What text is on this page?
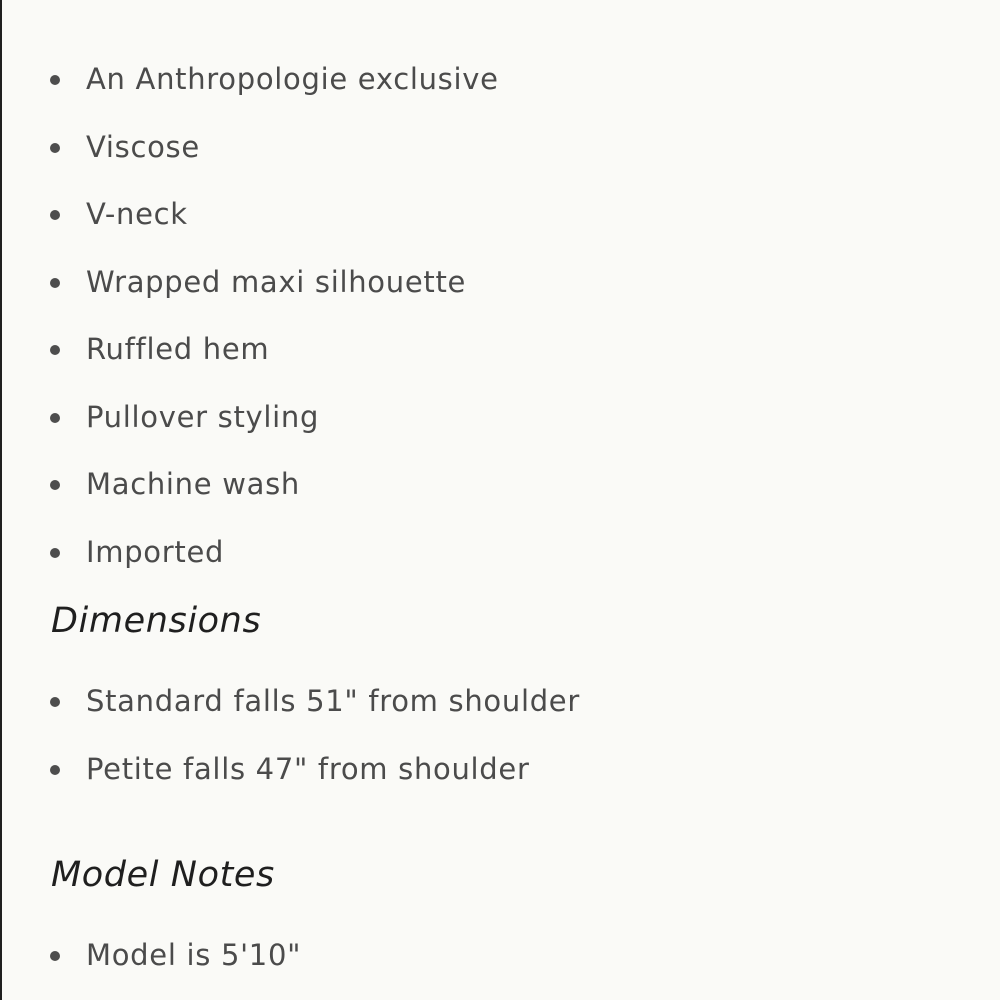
An Anthropologie exclusive
Viscose
V-neck
Wrapped maxi silhouette
Ruffled hem
Pullover styling
Machine wash
Imported
Dimensions
Standard falls 51" from shoulder
Petite falls 47" from shoulder
Model Notes
Model is 5'10"
